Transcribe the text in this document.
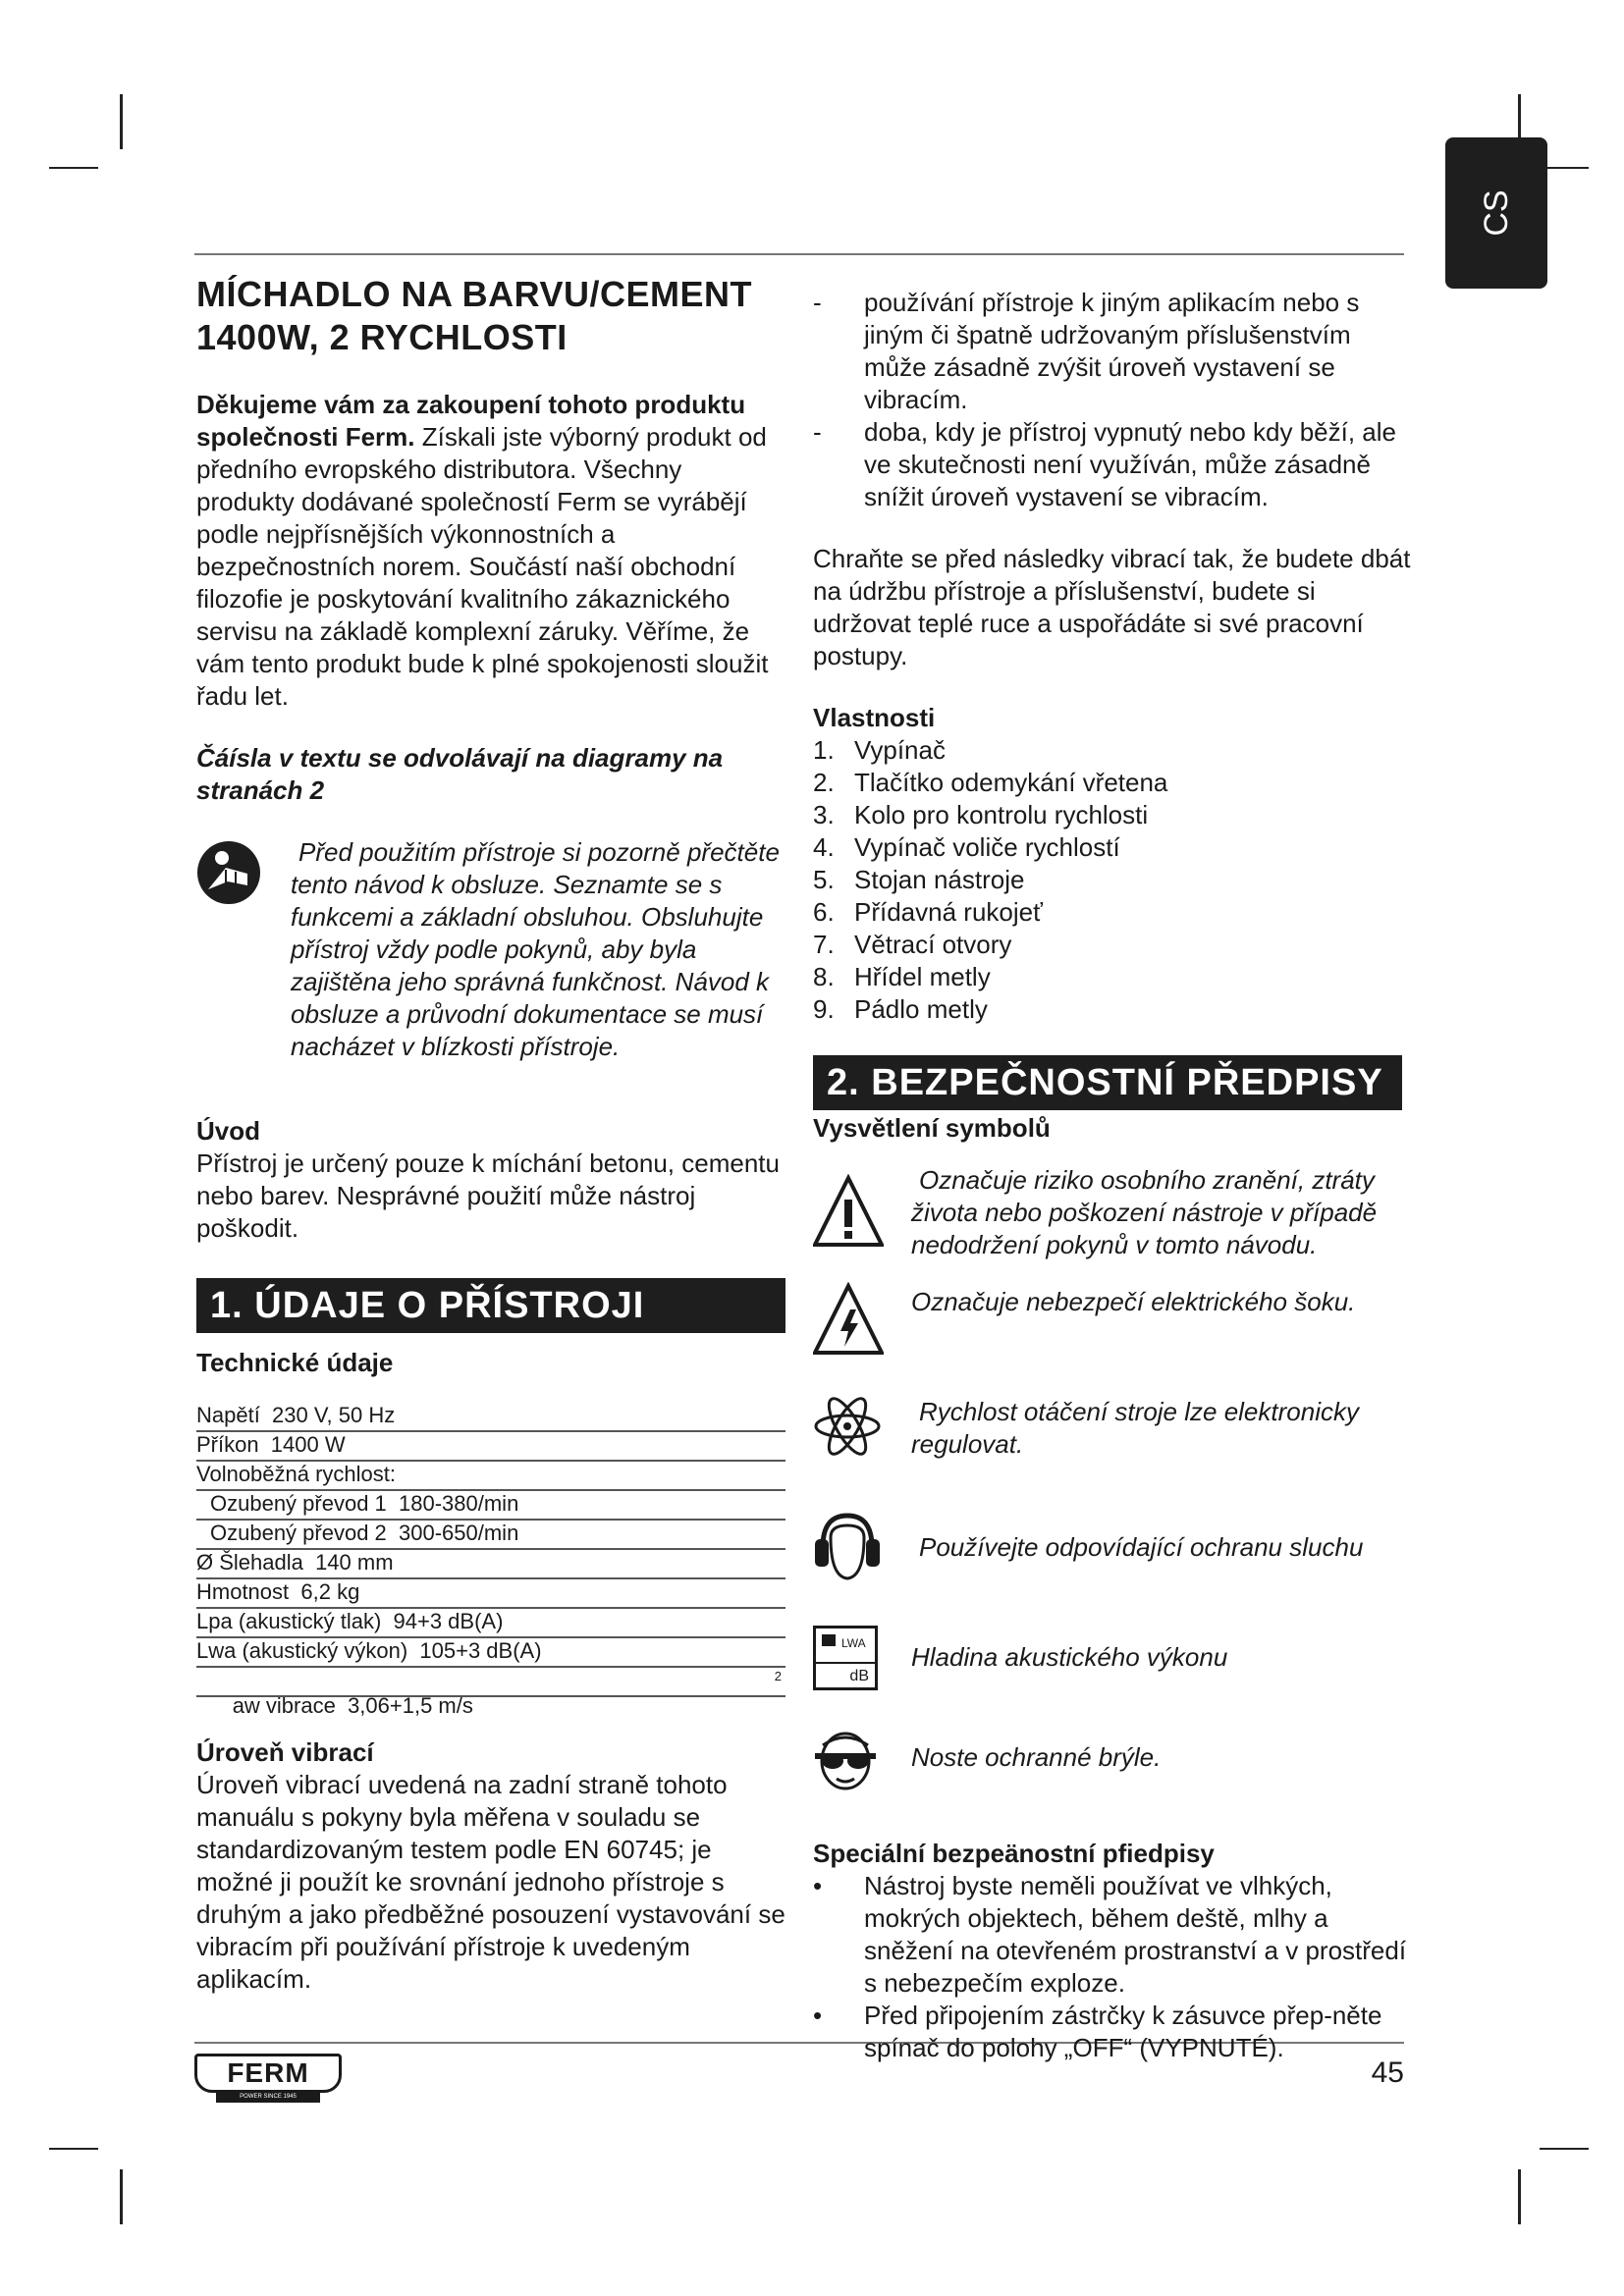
CS
MÍCHADLO NA BARVU/CEMENT
1400W, 2 RYCHLOSTI

Děkujeme vám za zakoupení tohoto produktu společnosti Ferm. Získali jste výborný produkt od předního evropského distributora. Všechny produkty dodávané společností Ferm se vyrábějí podle nejpřísnějších výkonnostních a bezpečnostních norem. Součástí naší obchodní filozofie je poskytování kvalitního zákaznického servisu na základě komplexní záruky. Věříme, že vám tento produkt bude k plné spokojenosti sloužit řadu let.

Čáísla v textu se odvolávají na diagramy na stranách 2

Před použitím přístroje si pozorně přečtěte tento návod k obsluze. Seznamte se s funkcemi a základní obsluhou. Obsluhujte přístroj vždy podle pokynů, aby byla zajištěna jeho správná funkčnost. Návod k obsluze a průvodní dokumentace se musí nacházet v blízkosti přístroje.

Úvod

Přístroj je určený pouze k míchání betonu, cementu nebo barev. Nesprávné použití může nástroj poškodit.

1. ÚDAJE O PŘÍSTROJI

Technické údaje

Napětí  230 V, 50 Hz
Příkon  1400 W
Volnoběžná rychlost:
Ozubený převod 1  180-380/min
Ozubený převod 2  300-650/min
Ø Šlehadla  140 mm
Hmotnost  6,2 kg
Lpa (akustický tlak)  94+3 dB(A)
Lwa (akustický výkon)  105+3 dB(A)

aw vibrace  3,06+1,5 m/s

2

Úroveň vibrací

Úroveň vibrací uvedená na zadní straně tohoto manuálu s pokyny byla měřena v souladu se standardizovaným testem podle EN 60745; je možné ji použít ke srovnání jednoho přístroje s druhým a jako předběžné posouzení vystavování se vibracím při používání přístroje k uvedeným aplikacím.

- používání přístroje k jiným aplikacím nebo s jiným či špatně udržovaným příslušenstvím může zásadně zvýšit úroveň vystavení se vibracím.
- doba, kdy je přístroj vypnutý nebo kdy běží, ale ve skutečnosti není využíván, může zásadně snížit úroveň vystavení se vibracím.

Chraňte se před následky vibrací tak, že budete dbát na údržbu přístroje a příslušenství, budete si udržovat teplé ruce a uspořádáte si své pracovní postupy.

Vlastnosti

1. Vypínač
2. Tlačítko odemykání vřetena
3. Kolo pro kontrolu rychlosti
4. Vypínač voliče rychlostí
5. Stojan nástroje
6. Přídavná rukojeť
7. Větrací otvory
8. Hřídel metly
9. Pádlo metly
2. BEZPEČNOSTNÍ PŘEDPISY

Vysvětlení symbolů

Označuje riziko osobního zranění, ztráty života nebo poškození nástroje v případě nedodržení pokynů v tomto návodu.
Označuje nebezpečí elektrického šoku.
Rychlost otáčení stroje lze elektronicky regulovat.
Používejte odpovídající ochranu sluchu
LWA
dB
Hladina akustického výkonu
Noste ochranné brýle.

Speciální bezpeänostní pfiedpisy

• Nástroj byste neměli používat ve vlhkých, mokrých objektech, během deště, mlhy a sněžení na otevřeném prostranství a v prostředí s nebezpečím exploze.
• Před připojením zástrčky k zásuvce přep-něte spínač do polohy „OFF“ (VYPNUTÉ).
FERM
POWER SINCE 1945
45
